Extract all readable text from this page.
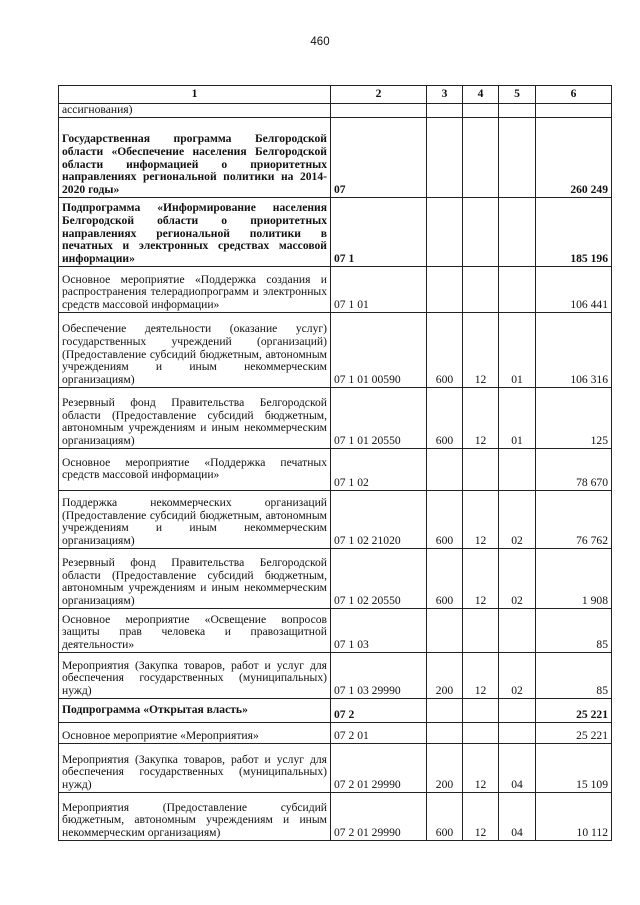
460
1	2	3	4	5	6
ассигнования)					
Государственная программа Белгородской области «Обеспечение населения Белгородской области информацией о приоритетных направлениях региональной политики на 2014-2020 годы»	07				260 249
Подпрограмма «Информирование населения Белгородской области о приоритетных направлениях региональной политики в печатных и электронных средствах массовой информации»	07 1				185 196
Основное мероприятие «Поддержка создания и распространения телерадиопрограмм и электронных средств массовой информации»	07 1 01				106 441
Обеспечение деятельности (оказание услуг) государственных учреждений (организаций) (Предоставление субсидий бюджетным, автономным учреждениям и иным некоммерческим организациям)	07 1 01 00590	600	12	01	106 316
Резервный фонд Правительства Белгородской области (Предоставление субсидий бюджетным, автономным учреждениям и иным некоммерческим организациям)	07 1 01 20550	600	12	01	125
Основное мероприятие «Поддержка печатных средств массовой информации»	07 1 02				78 670
Поддержка некоммерческих организаций (Предоставление субсидий бюджетным, автономным учреждениям и иным некоммерческим организациям)	07 1 02 21020	600	12	02	76 762
Резервный фонд Правительства Белгородской области (Предоставление субсидий бюджетным, автономным учреждениям и иным некоммерческим организациям)	07 1 02 20550	600	12	02	1 908
Основное мероприятие «Освещение вопросов защиты прав человека и правозащитной деятельности»	07 1 03				85
Мероприятия (Закупка товаров, работ и услуг для обеспечения государственных (муниципальных) нужд)	07 1 03 29990	200	12	02	85
Подпрограмма «Открытая власть»	07 2				25 221
Основное мероприятие «Мероприятия»	07 2 01				25 221
Мероприятия (Закупка товаров, работ и услуг для обеспечения государственных (муниципальных) нужд)	07 2 01 29990	200	12	04	15 109
Мероприятия (Предоставление субсидий бюджетным, автономным учреждениям и иным некоммерческим организациям)	07 2 01 29990	600	12	04	10 112
